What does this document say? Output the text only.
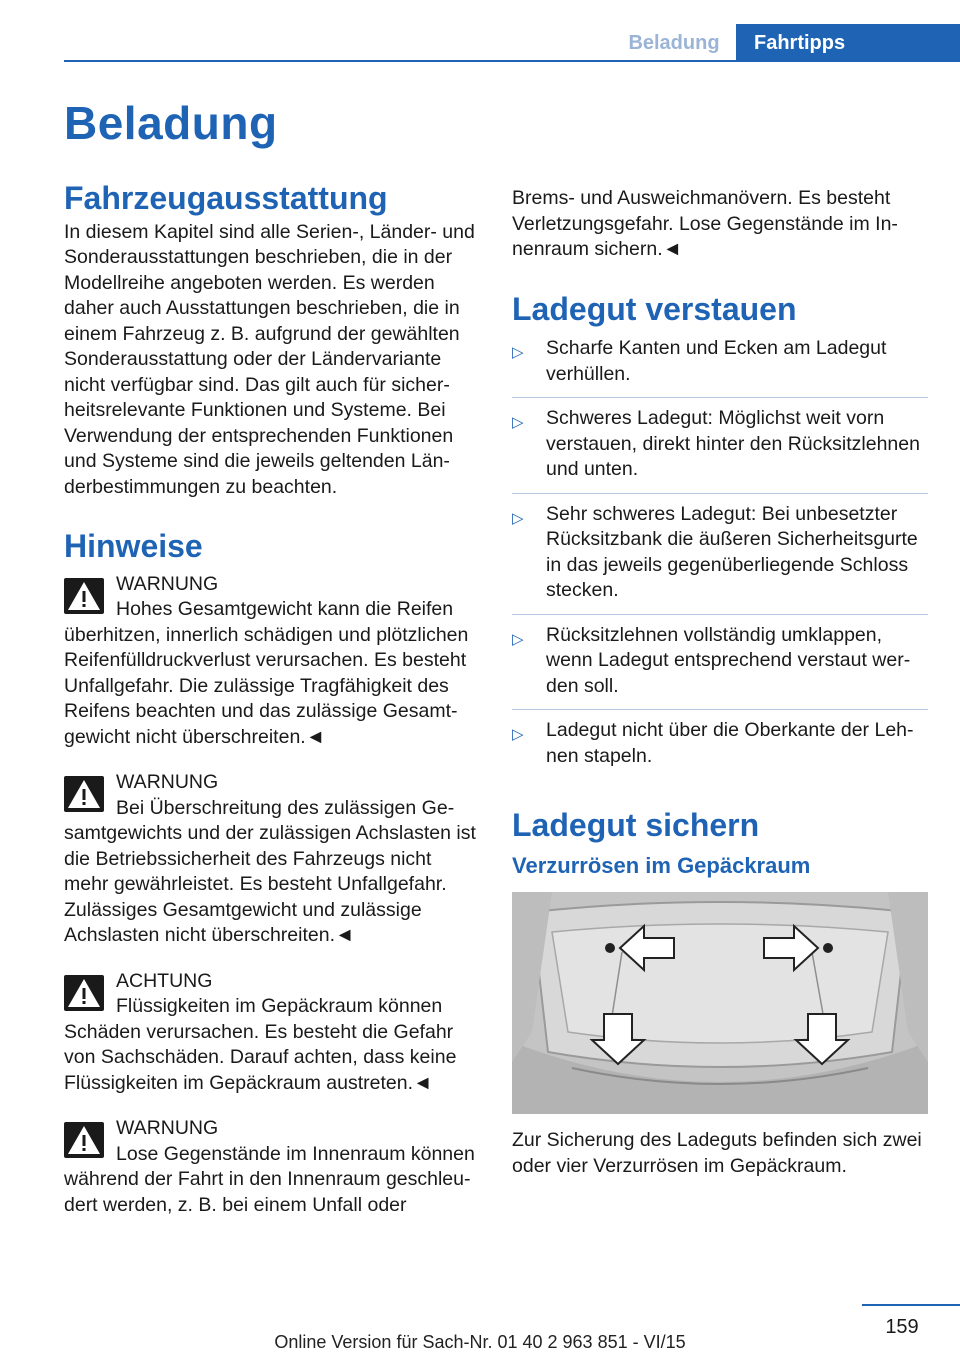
Beladung	Fahrtipps
Beladung
Fahrzeugausstattung

In diesem Kapitel sind alle Serien-, Länder- und Sonderausstattungen beschrieben, die in der Modellreihe angeboten werden. Es werden daher auch Ausstattungen beschrieben, die in einem Fahrzeug z. B. aufgrund der gewählten Sonderausstattung oder der Ländervariante nicht verfügbar sind. Das gilt auch für sicherheitsrelevante Funktionen und Systeme. Bei Verwendung der entsprechenden Funktionen und Systeme sind die jeweils geltenden Länderbestimmungen zu beachten.

Hinweise
WARNUNG
Hohes Gesamtgewicht kann die Reifen überhitzen, innerlich schädigen und plötzlichen Reifenfülldruckverlust verursachen. Es besteht Unfallgefahr. Die zulässige Tragfähigkeit des Reifens beachten und das zulässige Gesamtgewicht nicht überschreiten.◄
WARNUNG
Bei Überschreitung des zulässigen Gesamtgewichts und der zulässigen Achslasten ist die Betriebssicherheit des Fahrzeugs nicht mehr gewährleistet. Es besteht Unfallgefahr. Zulässiges Gesamtgewicht und zulässige Achslasten nicht überschreiten.◄
ACHTUNG
Flüssigkeiten im Gepäckraum können Schäden verursachen. Es besteht die Gefahr von Sachschäden. Darauf achten, dass keine Flüssigkeiten im Gepäckraum austreten.◄
WARNUNG
Lose Gegenstände im Innenraum können während der Fahrt in den Innenraum geschleudert werden, z. B. bei einem Unfall oder

Brems- und Ausweichmanövern. Es besteht Verletzungsgefahr. Lose Gegenstände im Innenraum sichern.◄

Ladegut verstauen
▷ Scharfe Kanten und Ecken am Ladegut verhüllen.
▷ Schweres Ladegut: Möglichst weit vorn verstauen, direkt hinter den Rücksitzlehnen und unten.
▷ Sehr schweres Ladegut: Bei unbesetzter Rücksitzbank die äußeren Sicherheitsgurte in das jeweils gegenüberliegende Schloss stecken.
▷ Rücksitzlehnen vollständig umklappen, wenn Ladegut entsprechend verstaut werden soll.
▷ Ladegut nicht über die Oberkante der Lehnen stapeln.
Ladegut sichern
Verzurrösen im Gepäckraum

Zur Sicherung des Ladeguts befinden sich zwei oder vier Verzurrösen im Gepäckraum.

159
Online Version für Sach-Nr. 01 40 2 963 851 - VI/15
